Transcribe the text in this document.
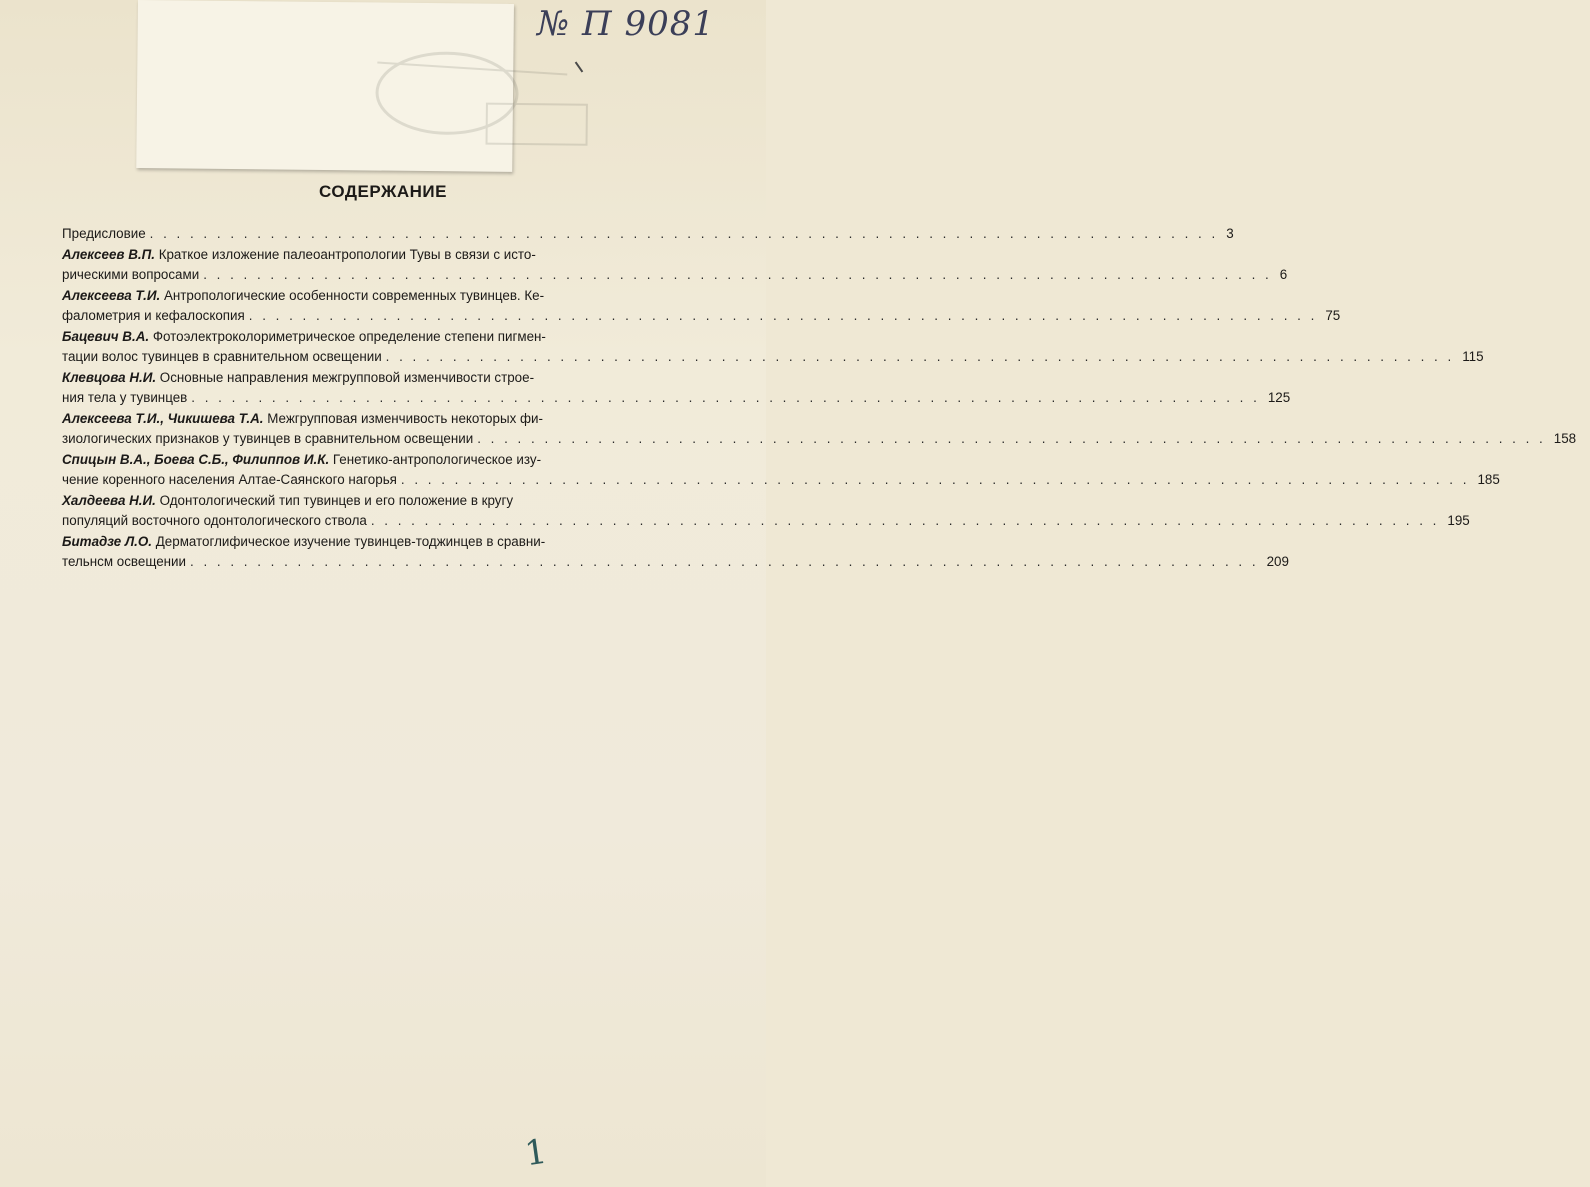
№ П 9081
СОДЕРЖАНИЕ
Предисловие . . . . . . . . . . . . . . . . . . . . . . . . . . . . . . . . . . . . . . . . . . . . . . . . . . . . . . . . . . . . . . . . . . . . . . . . . . . . . . . . 3
Алексеев В.П. Краткое изложение палеоантропологии Тувы в связи с исто-
рическими вопросами . . . . . . . . . . . . . . . . . . . . . . . . . . . . . . . . . . . . . . . . . . . . . . . . . . . . . . . . . . . . . . . . . . . . . . . . . . . . . . . . 6
Алексеева Т.И. Антропологические особенности современных тувинцев. Ке-
фалометрия и кефалоскопия . . . . . . . . . . . . . . . . . . . . . . . . . . . . . . . . . . . . . . . . . . . . . . . . . . . . . . . . . . . . . . . . . . . . . . . . . . . . . . . . 75
Бацевич В.А. Фотоэлектроколориметрическое определение степени пигмен-
тации волос тувинцев в сравнительном освещении . . . . . . . . . . . . . . . . . . . . . . . . . . . . . . . . . . . . . . . . . . . . . . . . . . . . . . . . . . . . . . . . . . . . . . . . . . . . . . . . 115
Клевцова Н.И. Основные направления межгрупповой изменчивости строе-
ния тела у тувинцев . . . . . . . . . . . . . . . . . . . . . . . . . . . . . . . . . . . . . . . . . . . . . . . . . . . . . . . . . . . . . . . . . . . . . . . . . . . . . . . . 125
Алексеева Т.И., Чикишева Т.А. Межгрупповая изменчивость некоторых фи-
зиологических признаков у тувинцев в сравнительном освещении . . . . . . . . . . . . . . . . . . . . . . . . . . . . . . . . . . . . . . . . . . . . . . . . . . . . . . . . . . . . . . . . . . . . . . . . . . . . . . . . 158
Спицын В.А., Боева С.Б., Филиппов И.К. Генетико-антропологическое изу-
чение коренного населения Алтае-Саянского нагорья . . . . . . . . . . . . . . . . . . . . . . . . . . . . . . . . . . . . . . . . . . . . . . . . . . . . . . . . . . . . . . . . . . . . . . . . . . . . . . . . 185
Халдеева Н.И. Одонтологический тип тувинцев и его положение в кругу
популяций восточного одонтологического ствола . . . . . . . . . . . . . . . . . . . . . . . . . . . . . . . . . . . . . . . . . . . . . . . . . . . . . . . . . . . . . . . . . . . . . . . . . . . . . . . . 195
Битадзе Л.О. Дерматоглифическое изучение тувинцев-тоджинцев в сравни-
тельнсм освещении . . . . . . . . . . . . . . . . . . . . . . . . . . . . . . . . . . . . . . . . . . . . . . . . . . . . . . . . . . . . . . . . . . . . . . . . . . . . . . . . 209
1
